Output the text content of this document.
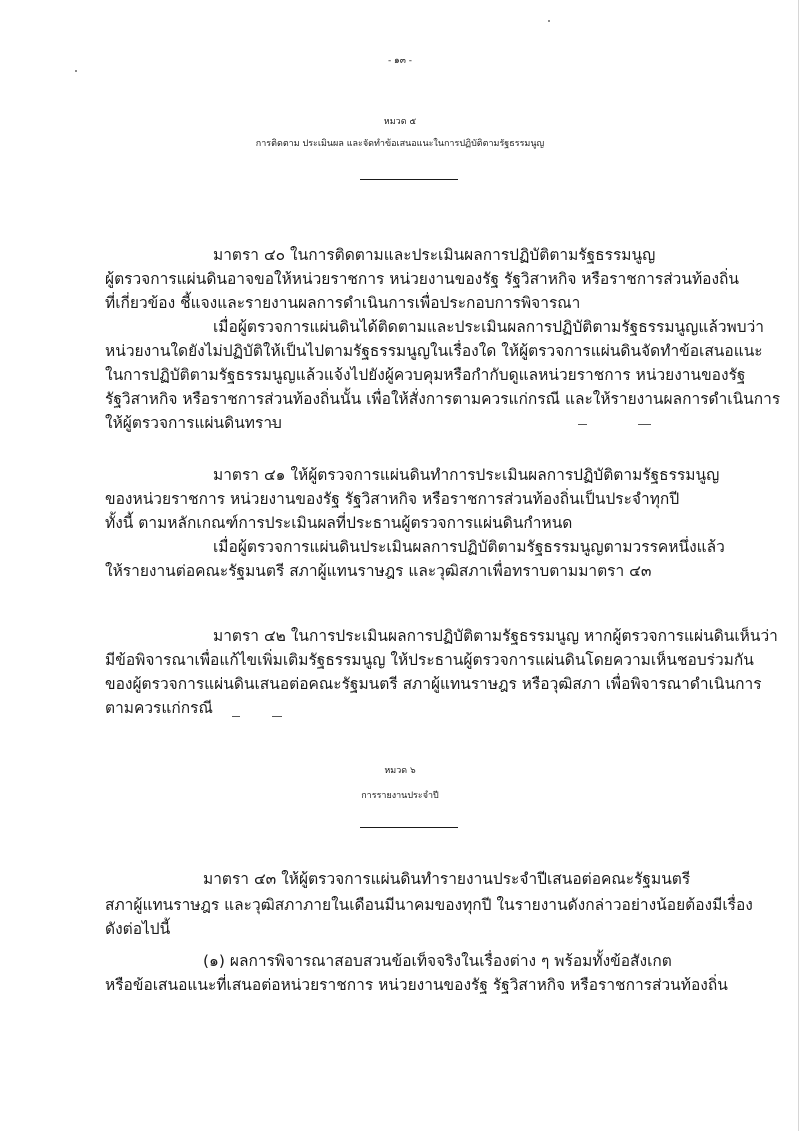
- ๑๓ -
หมวด ๕
การติดตาม ประเมินผล และจัดทำข้อเสนอแนะในการปฏิบัติตามรัฐธรรมนูญ
มาตรา ๔๐ ในการติดตามและประเมินผลการปฏิบัติตามรัฐธรรมนูญ
ผู้ตรวจการแผ่นดินอาจขอให้หน่วยราชการ หน่วยงานของรัฐ รัฐวิสาหกิจ หรือราชการส่วนท้องถิ่น
ที่เกี่ยวข้อง ชี้แจงและรายงานผลการดำเนินการเพื่อประกอบการพิจารณา
เมื่อผู้ตรวจการแผ่นดินได้ติดตามและประเมินผลการปฏิบัติตามรัฐธรรมนูญแล้วพบว่า
หน่วยงานใดยังไม่ปฏิบัติให้เป็นไปตามรัฐธรรมนูญในเรื่องใด ให้ผู้ตรวจการแผ่นดินจัดทำข้อเสนอแนะ
ในการปฏิบัติตามรัฐธรรมนูญแล้วแจ้งไปยังผู้ควบคุมหรือกำกับดูแลหน่วยราชการ หน่วยงานของรัฐ
รัฐวิสาหกิจ หรือราชการส่วนท้องถิ่นนั้น เพื่อให้สั่งการตามควรแก่กรณี และให้รายงานผลการดำเนินการ
ให้ผู้ตรวจการแผ่นดินทราบ
มาตรา ๔๑ ให้ผู้ตรวจการแผ่นดินทำการประเมินผลการปฏิบัติตามรัฐธรรมนูญ
ของหน่วยราชการ หน่วยงานของรัฐ รัฐวิสาหกิจ หรือราชการส่วนท้องถิ่นเป็นประจำทุกปี
ทั้งนี้ ตามหลักเกณฑ์การประเมินผลที่ประธานผู้ตรวจการแผ่นดินกำหนด
เมื่อผู้ตรวจการแผ่นดินประเมินผลการปฏิบัติตามรัฐธรรมนูญตามวรรคหนึ่งแล้ว
ให้รายงานต่อคณะรัฐมนตรี สภาผู้แทนราษฎร และวุฒิสภาเพื่อทราบตามมาตรา ๔๓
มาตรา ๔๒ ในการประเมินผลการปฏิบัติตามรัฐธรรมนูญ หากผู้ตรวจการแผ่นดินเห็นว่า
มีข้อพิจารณาเพื่อแก้ไขเพิ่มเติมรัฐธรรมนูญ ให้ประธานผู้ตรวจการแผ่นดินโดยความเห็นชอบร่วมกัน
ของผู้ตรวจการแผ่นดินเสนอต่อคณะรัฐมนตรี สภาผู้แทนราษฎร หรือวุฒิสภา เพื่อพิจารณาดำเนินการ
ตามควรแก่กรณี
หมวด ๖
การรายงานประจำปี
มาตรา ๔๓ ให้ผู้ตรวจการแผ่นดินทำรายงานประจำปีเสนอต่อคณะรัฐมนตรี
สภาผู้แทนราษฎร และวุฒิสภาภายในเดือนมีนาคมของทุกปี ในรายงานดังกล่าวอย่างน้อยต้องมีเรื่อง
ดังต่อไปนี้
(๑) ผลการพิจารณาสอบสวนข้อเท็จจริงในเรื่องต่าง ๆ พร้อมทั้งข้อสังเกต
หรือข้อเสนอแนะที่เสนอต่อหน่วยราชการ หน่วยงานของรัฐ รัฐวิสาหกิจ หรือราชการส่วนท้องถิ่น
